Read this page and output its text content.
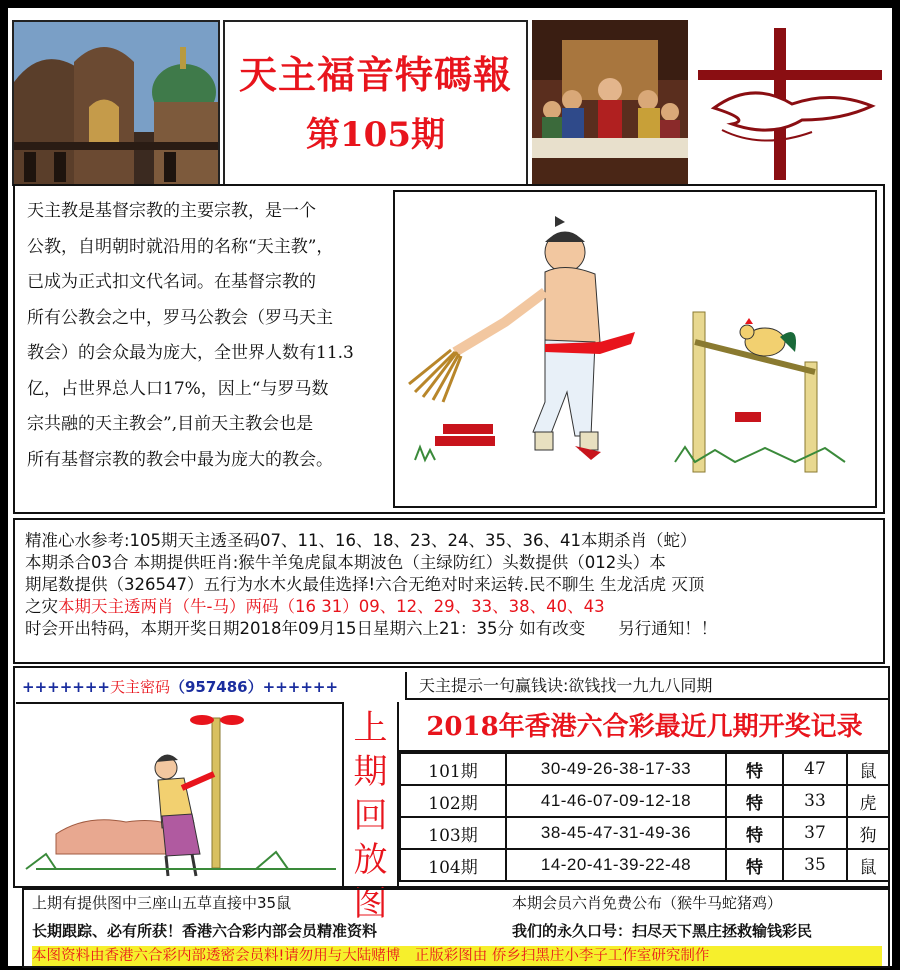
天主福音特碼報
第105期
天主教是基督宗教的主要宗教，是一个
公教，自明朝时就沿用的名称“天主教”，
已成为正式扣文代名词。在基督宗教的
所有公教会之中，罗马公教会（罗马天主
教会）的会众最为庞大，全世界人数有11.3
亿，占世界总人口17%，因上“与罗马数
宗共融的天主教会”,目前天主教会也是
所有基督宗教的教会中最为庞大的教会。
精准心水参考:105期天主透圣码07、11、16、18、23、24、35、36、41本期杀肖（蛇）
本期杀合03合 本期提供旺肖:猴牛羊兔虎鼠本期波色（主绿防红）头数提供（012头）本
期尾数提供（326547）五行为水木火最佳选择!六合无绝对时来运转.民不聊生 生龙活虎 灭顶
之灾本期天主透两肖（牛-马）两码（16 31）09、12、29、33、38、40、43
时会开出特码，本期开奖日期2018年09月15日星期六上21：35分 如有改变　　另行通知！！
+++++++天主密码（957486）++++++	天主提示一句赢钱诀:欲钱找一九九八同期
上
期
回
放
图
2018年香港六合彩最近几期开奖记录
101期	30-49-26-38-17-33	特	47	鼠
102期	41-46-07-09-12-18	特	33	虎
103期	38-45-47-31-49-36	特	37	狗
104期	14-20-41-39-22-48	特	35	鼠
上期有提供图中三座山五草直接中35鼠	本期会员六肖免费公布（猴牛马蛇猪鸡）
长期跟踪、必有所获！香港六合彩内部会员精准资料	我们的永久口号：扫尽天下黑庄拯救输钱彩民
本图资料由香港六合彩内部透密会员料!请勿用与大陆赌博　正版彩图由 侨乡扫黑庄小李子工作室研究制作
